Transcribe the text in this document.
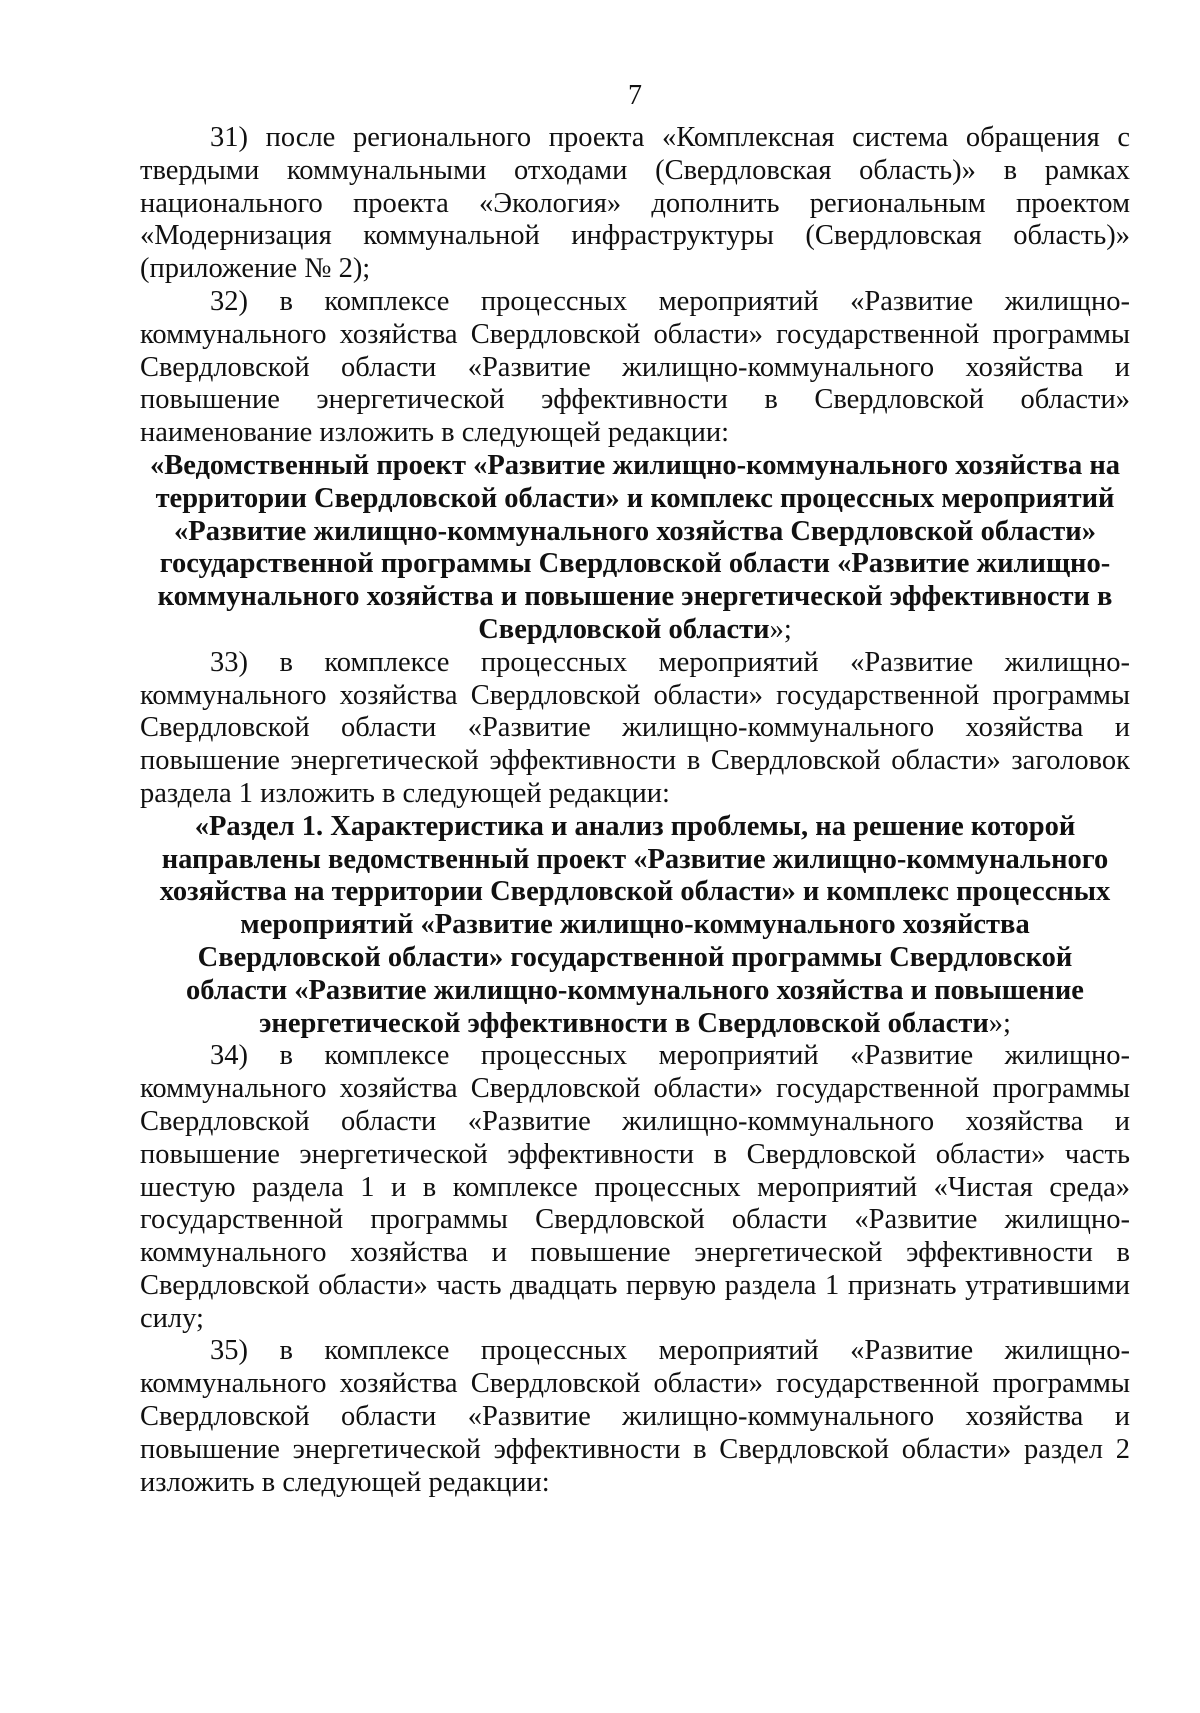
7

31) после регионального проекта «Комплексная система обращения с твердыми коммунальными отходами (Свердловская область)» в рамках национального проекта «Экология» дополнить региональным проектом «Модернизация коммунальной инфраструктуры (Свердловская область)» (приложение № 2);

32) в комплексе процессных мероприятий «Развитие жилищно-коммунального хозяйства Свердловской области» государственной программы Свердловской области «Развитие жилищно-коммунального хозяйства и повышение энергетической эффективности в Свердловской области» наименование изложить в следующей редакции:

«Ведомственный проект «Развитие жилищно-коммунального хозяйства на территории Свердловской области» и комплекс процессных мероприятий «Развитие жилищно-коммунального хозяйства Свердловской области» государственной программы Свердловской области «Развитие жилищно-коммунального хозяйства и повышение энергетической эффективности в Свердловской области»;

33) в комплексе процессных мероприятий «Развитие жилищно-коммунального хозяйства Свердловской области» государственной программы Свердловской области «Развитие жилищно-коммунального хозяйства и повышение энергетической эффективности в Свердловской области» заголовок раздела 1 изложить в следующей редакции:

«Раздел 1. Характеристика и анализ проблемы, на решение которой направлены ведомственный проект «Развитие жилищно-коммунального хозяйства на территории Свердловской области» и комплекс процессных мероприятий «Развитие жилищно-коммунального хозяйства Свердловской области» государственной программы Свердловской области «Развитие жилищно-коммунального хозяйства и повышение энергетической эффективности в Свердловской области»;

34) в комплексе процессных мероприятий «Развитие жилищно-коммунального хозяйства Свердловской области» государственной программы Свердловской области «Развитие жилищно-коммунального хозяйства и повышение энергетической эффективности в Свердловской области» часть шестую раздела 1 и в комплексе процессных мероприятий «Чистая среда» государственной программы Свердловской области «Развитие жилищно-коммунального хозяйства и повышение энергетической эффективности в Свердловской области» часть двадцать первую раздела 1 признать утратившими силу;

35) в комплексе процессных мероприятий «Развитие жилищно-коммунального хозяйства Свердловской области» государственной программы Свердловской области «Развитие жилищно-коммунального хозяйства и повышение энергетической эффективности в Свердловской области» раздел 2 изложить в следующей редакции:
